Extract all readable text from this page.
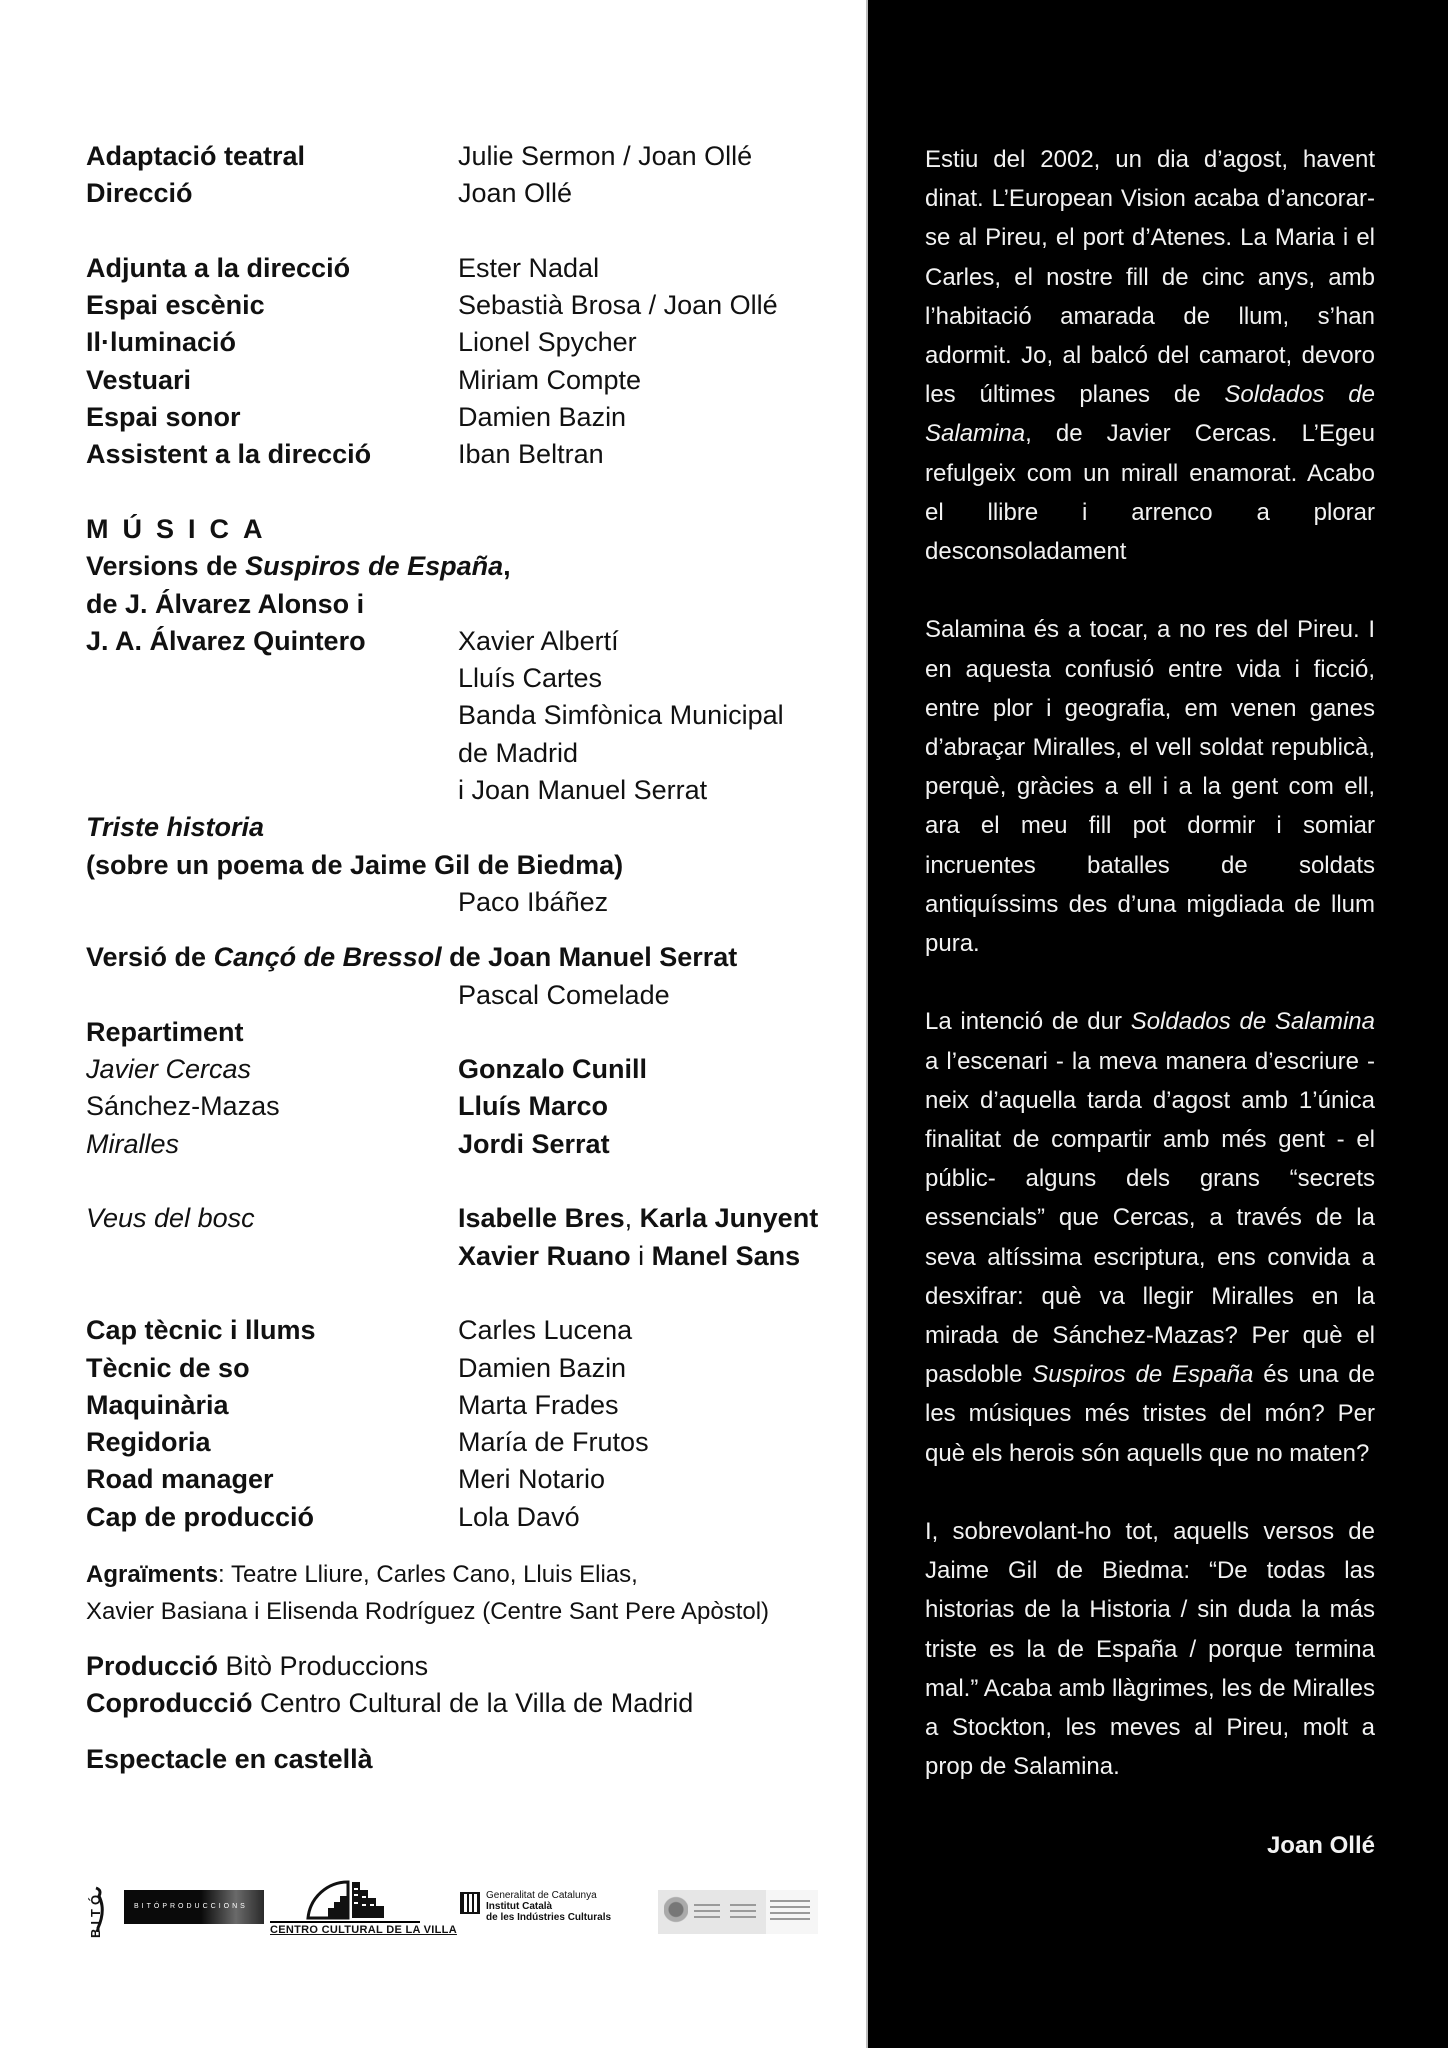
Adaptació teatral	Julie Sermon / Joan Ollé
Direcció	Joan Ollé
Adjunta a la direcció	Ester Nadal
Espai escènic	Sebastià Brosa / Joan Ollé
Il·luminació	Lionel Spycher
Vestuari	Miriam Compte
Espai sonor	Damien Bazin
Assistent a la direcció	Iban Beltran
MÚSICA
Versions de Suspiros de España ,
de J. Álvarez Alonso i
J. A. Álvarez Quintero	Xavier Albertí
Lluís Cartes
Banda Simfònica Municipal
de Madrid
i Joan Manuel Serrat
Triste historia
(sobre un poema de Jaime Gil de Biedma)
Paco Ibáñez
Versió de Cançó de Bressol de Joan Manuel Serrat
Pascal Comelade
Repartiment
Javier Cercas	Gonzalo Cunill
Sánchez-Mazas	Lluís Marco
Miralles	Jordi Serrat
Veus del bosc	Isabelle Bres, Karla Junyent
Xavier Ruano i Manel Sans
Cap tècnic i llums	Carles Lucena
Tècnic de so	Damien Bazin
Maquinària	Marta Frades
Regidoria	María de Frutos
Road manager	Meri Notario
Cap de producció	Lola Davó
Agraïments : Teatre Lliure, Carles Cano, Lluis Elias,
Xavier Basiana i Elisenda Rodríguez (Centre Sant Pere Apòstol)
Producció Bitò Produccions
Coproducció Centro Cultural de la Villa de Madrid
Espectacle en castellà
BITÓ	BITÓPRODUCCIONS
CENTRO CULTURAL DE LA VILLA
Generalitat de Catalunya
Institut Català
de les Indústries Culturals

Estiu del 2002, un dia d’agost, havent dinat. L’European Vision acaba d’ancorar-se al Pireu, el port d’Atenes. La Maria i el Carles, el nostre fill de cinc anys, amb l’habitació amarada de llum, s’han adormit. Jo, al balcó del camarot, devoro les últimes planes de Soldados de Salamina, de Javier Cercas. L’Egeu refulgeix com un mirall enamorat. Acabo el llibre i arrenco a plorar desconsoladament

Salamina és a tocar, a no res del Pireu. I en aquesta confusió entre vida i ficció, entre plor i geografia, em venen ganes d’abraçar Miralles, el vell soldat republicà, perquè, gràcies a ell i a la gent com ell, ara el meu fill pot dormir i somiar incruentes batalles de soldats antiquíssims des d’una migdiada de llum pura.

La intenció de dur Soldados de Salamina a l’escenari - la meva manera d’escriure - neix d’aquella tarda d’agost amb 1’única finalitat de compartir amb més gent - el públic- alguns dels grans “secrets essencials” que Cercas, a través de la seva altíssima escriptura, ens convida a desxifrar: què va llegir Miralles en la mirada de Sánchez-Mazas? Per què el pasdoble Suspiros de España és una de les músiques més tristes del món? Per què els herois són aquells que no maten?

I, sobrevolant-ho tot, aquells versos de Jaime Gil de Biedma: “De todas las historias de la Historia / sin duda la más triste es la de España / porque termina mal.” Acaba amb llàgrimes, les de Miralles a Stockton, les meves al Pireu, molt a prop de Salamina.

Joan Ollé
